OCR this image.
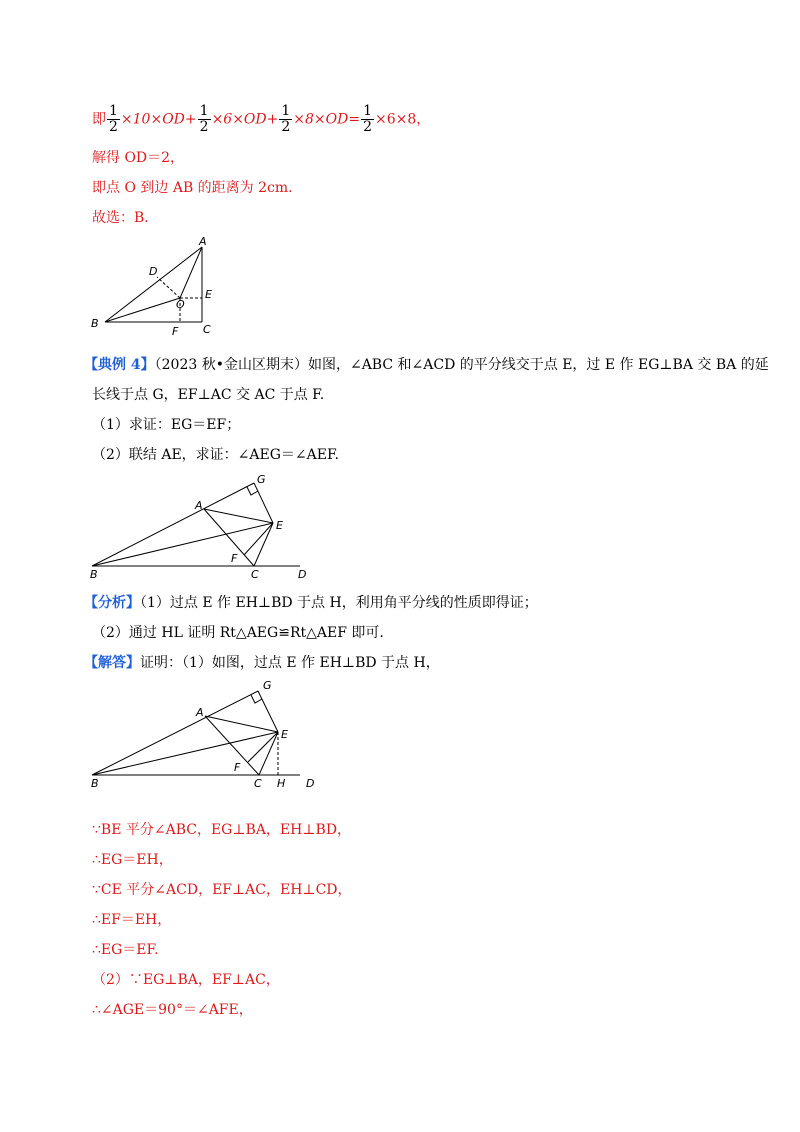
即 $\frac{1}{2} \times 10\times OD+ \frac{1}{2} \times 6\times OD+ \frac{1}{2} \times 8\times OD= \frac{1}{2} \times 6\times 8$，
解得 OD＝2，
即点 O 到边 AB 的距离为 2cm.
故选：B．
A
D
E
O
B
F C
【典例 4】（2023 秋•金山区期末）如图，∠ABC 和∠ACD 的平分线交于点 E，过 E 作 EG⊥BA 交 BA 的延
长线于点 G，EF⊥AC 交 AC 于点 F.
（1）求证：EG＝EF；
（2）联结 AE，求证：∠AEG＝∠AEF.
G
A
E
F
B	C	D
【分析】（1）过点 E 作 EH⊥BD 于点 H，利用角平分线的性质即得证；
（2）通过 HL 证明 Rt△AEG≌Rt△AEF 即可.
【解答】证明：（1）如图，过点 E 作 EH⊥BD 于点 H，
G
A
E
F
B	C H D
∵BE 平分∠ABC，EG⊥BA，EH⊥BD，
∴EG＝EH，
∵CE 平分∠ACD，EF⊥AC，EH⊥CD，
∴EF＝EH，
∴EG＝EF.
（2）∵EG⊥BA，EF⊥AC，
∴∠AGE＝90°＝∠AFE，
